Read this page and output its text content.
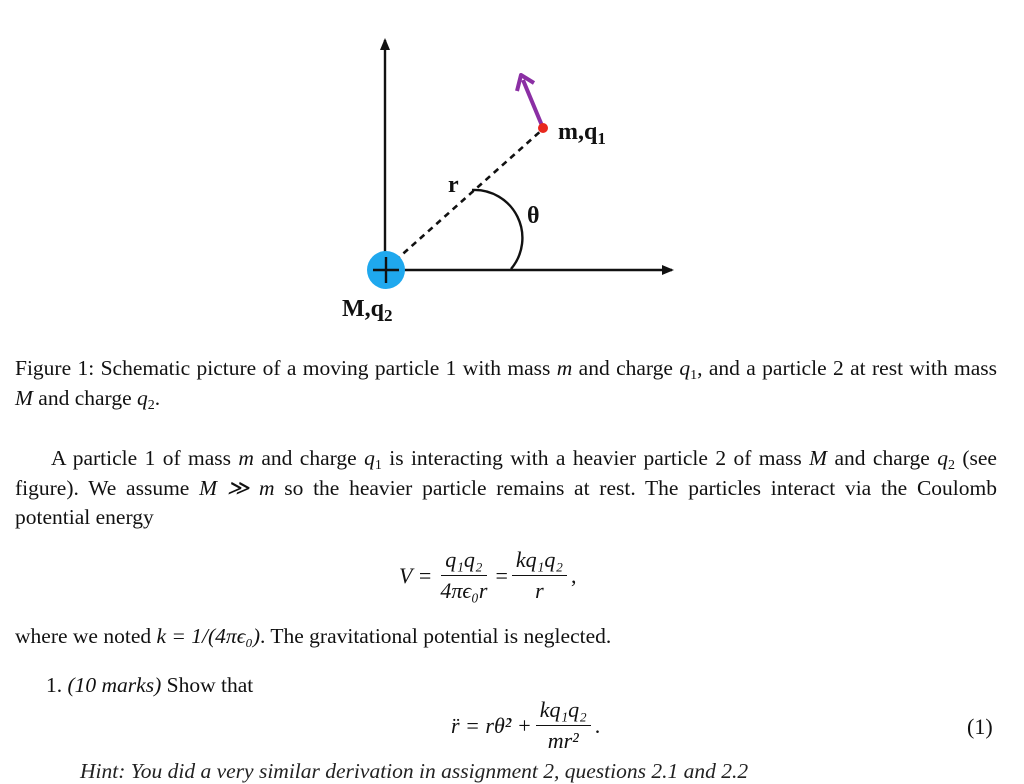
$m,q_1$
r
θ
$M,q_2$
Figure 1: Schematic picture of a moving particle 1 with mass m and charge $q_1$, and a particle 2 at rest with mass M and charge $q_2$.
A particle 1 of mass m and charge $q_1$ is interacting with a heavier particle 2 of mass M and charge $q_2$ (see figure). We assume M ≫ m so the heavier particle remains at rest. The particles interact via the Coulomb potential energy
$V = \frac{\text{q₁q₂}}{\text{4πϵ₀r}} = \frac{\text{kq₁q₂}}{r}$ ,
where we noted k = 1/(4πϵ₀). The gravitational potential is neglected.
1. (10 marks) Show that
r̈ = rθ̇² + $\frac{\text{kq₁q₂}}{\text{mr²}}$ .	(1)
Hint: You did a very similar derivation in assignment 2, questions 2.1 and 2.2
